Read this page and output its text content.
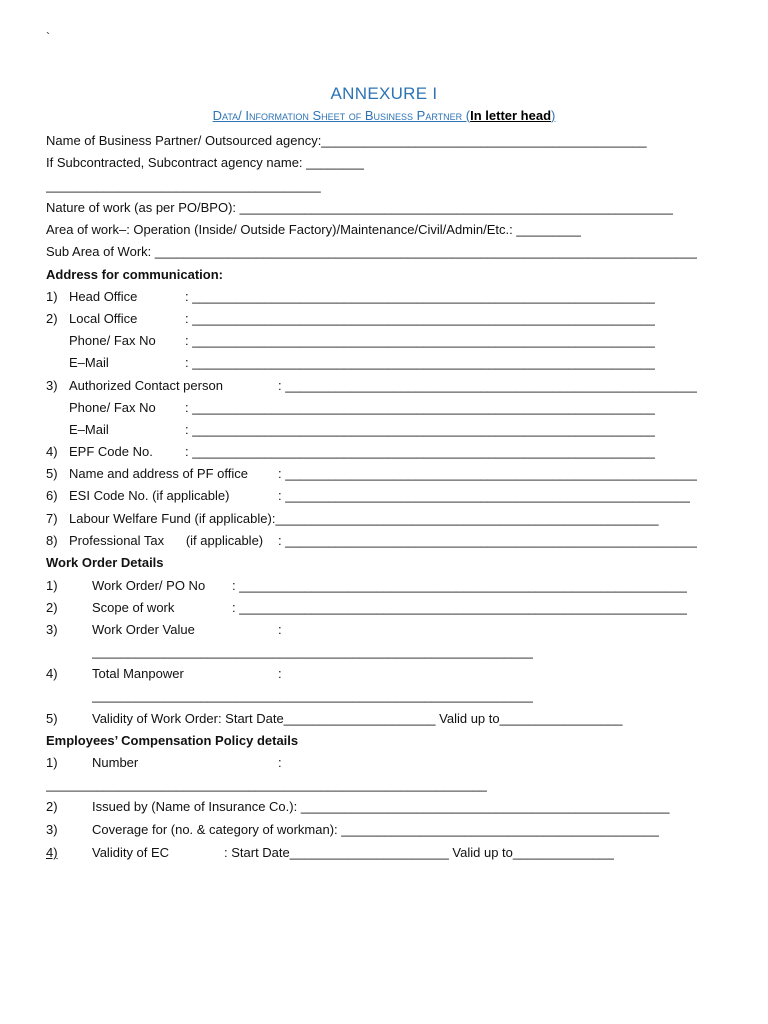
`
ANNEXURE I
Data/ Information Sheet of Business Partner (In letter head)
Name of Business Partner/ Outsourced agency:_____________________________________________
If Subcontracted, Subcontract agency name: ________
______________________________________
Nature of work (as per PO/BPO): ____________________________________________________________
Area of work–: Operation (Inside/ Outside Factory)/Maintenance/Civil/Admin/Etc.: _________
Sub Area of Work: ___________________________________________________________________________
Address for communication:
1) Head Office	: ________________________________________________________________
2) Local Office	: ________________________________________________________________
Phone/ Fax No : ________________________________________________________________
E–Mail	: ________________________________________________________________
3) Authorized Contact person	: _________________________________________________________
Phone/ Fax No : ________________________________________________________________
E–Mail	: ________________________________________________________________
4) EPF Code No. : ________________________________________________________________
5) Name and address of PF office : _________________________________________________________
6) ESI Code No. (if applicable)	: ________________________________________________________
7) Labour Welfare Fund (if applicable):_____________________________________________________
8) Professional Tax      (if applicable) : _________________________________________________________
Work Order Details
1)	Work Order/ PO No : ______________________________________________________________
2)	Scope of work	: ______________________________________________________________
3)	Work Order Value	:
_____________________________________________________________
4)	Total Manpower	:
_____________________________________________________________
5)	Validity of Work Order: Start Date_____________________ Valid up to_________________
Employees’ Compensation Policy details
1)	Number	:
_____________________________________________________________
2)	Issued by (Name of Insurance Co.): ___________________________________________________
3)	Coverage for (no. & category of workman): ____________________________________________
4)	Validity of EC	: Start Date______________________ Valid up to______________
